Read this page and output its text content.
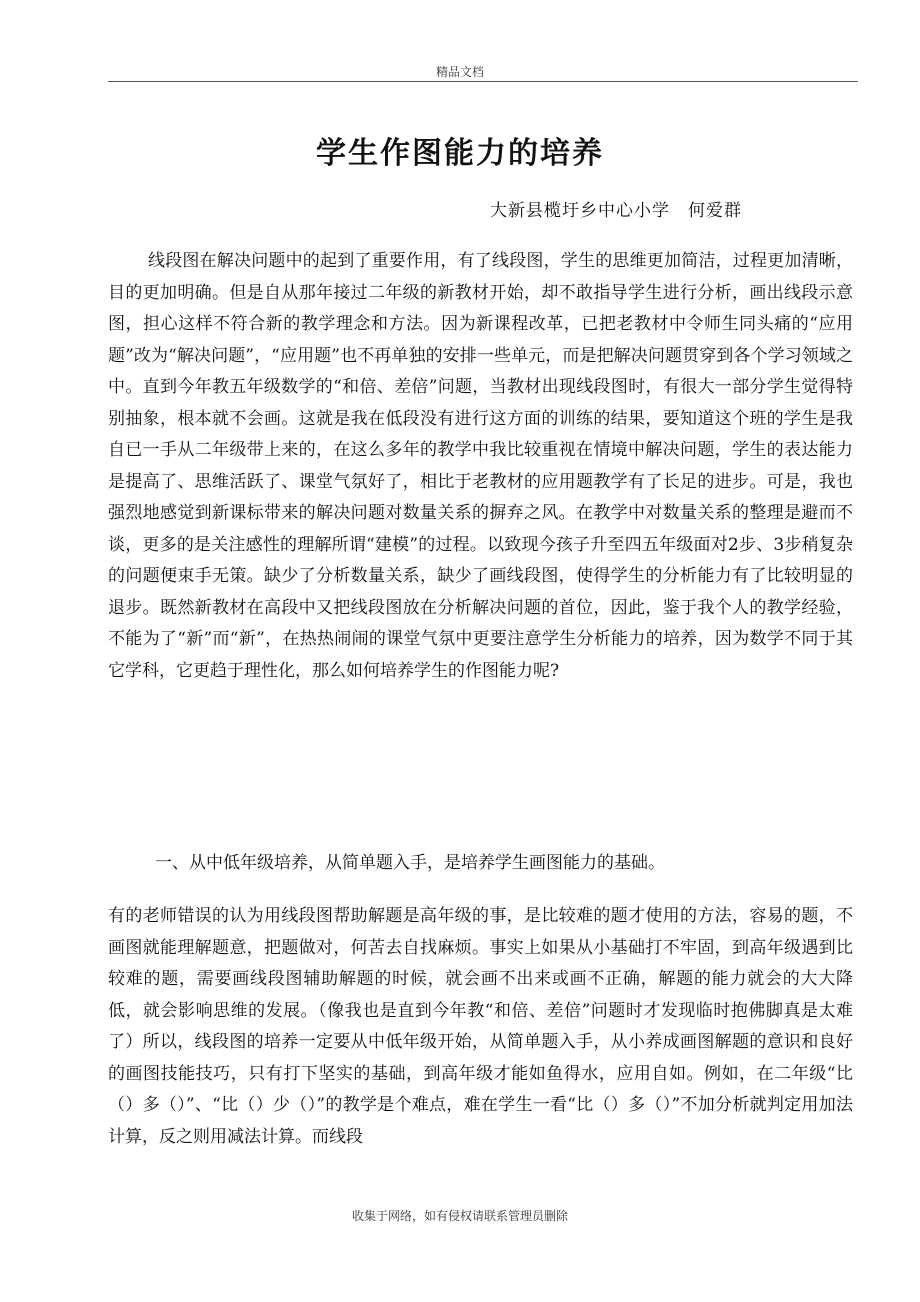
精品文档
学生作图能力的培养
大新县榄圩乡中心小学　何爱群

线段图在解决问题中的起到了重要作用，有了线段图，学生的思维更加简洁，过程更加清晰，目的更加明确。但是自从那年接过二年级的新教材开始，却不敢指导学生进行分析，画出线段示意图，担心这样不符合新的教学理念和方法。因为新课程改革，已把老教材中令师生同头痛的“应用题”改为“解决问题”，“应用题”也不再单独的安排一些单元，而是把解决问题贯穿到各个学习领域之中。直到今年教五年级数学的“和倍、差倍”问题，当教材出现线段图时，有很大一部分学生觉得特别抽象，根本就不会画。这就是我在低段没有进行这方面的训练的结果，要知道这个班的学生是我自已一手从二年级带上来的，在这么多年的教学中我比较重视在情境中解决问题，学生的表达能力是提高了、思维活跃了、课堂气氛好了，相比于老教材的应用题教学有了长足的进步。可是，我也强烈地感觉到新课标带来的解决问题对数量关系的摒弃之风。在教学中对数量关系的整理是避而不谈，更多的是关注感性的理解所谓“建模”的过程。以致现今孩子升至四五年级面对2步、3步稍复杂的问题便束手无策。缺少了分析数量关系，缺少了画线段图，使得学生的分析能力有了比较明显的退步。既然新教材在高段中又把线段图放在分析解决问题的首位，因此，鉴于我个人的教学经验，不能为了“新”而“新”，在热热闹闹的课堂气氛中更要注意学生分析能力的培养，因为数学不同于其它学科，它更趋于理性化，那么如何培养学生的作图能力呢?

一、从中低年级培养，从简单题入手，是培养学生画图能力的基础。

有的老师错误的认为用线段图帮助解题是高年级的事，是比较难的题才使用的方法，容易的题，不画图就能理解题意，把题做对，何苦去自找麻烦。事实上如果从小基础打不牢固，到高年级遇到比较难的题，需要画线段图辅助解题的时候，就会画不出来或画不正确，解题的能力就会的大大降低，就会影响思维的发展。（像我也是直到今年教“和倍、差倍”问题时才发现临时抱佛脚真是太难了）所以，线段图的培养一定要从中低年级开始，从简单题入手，从小养成画图解题的意识和良好的画图技能技巧，只有打下坚实的基础，到高年级才能如鱼得水，应用自如。例如，在二年级“比（）多（）”、“比（）少（）”的教学是个难点，难在学生一看“比（）多（）”不加分析就判定用加法计算，反之则用减法计算。而线段

收集于网络，如有侵权请联系管理员删除
